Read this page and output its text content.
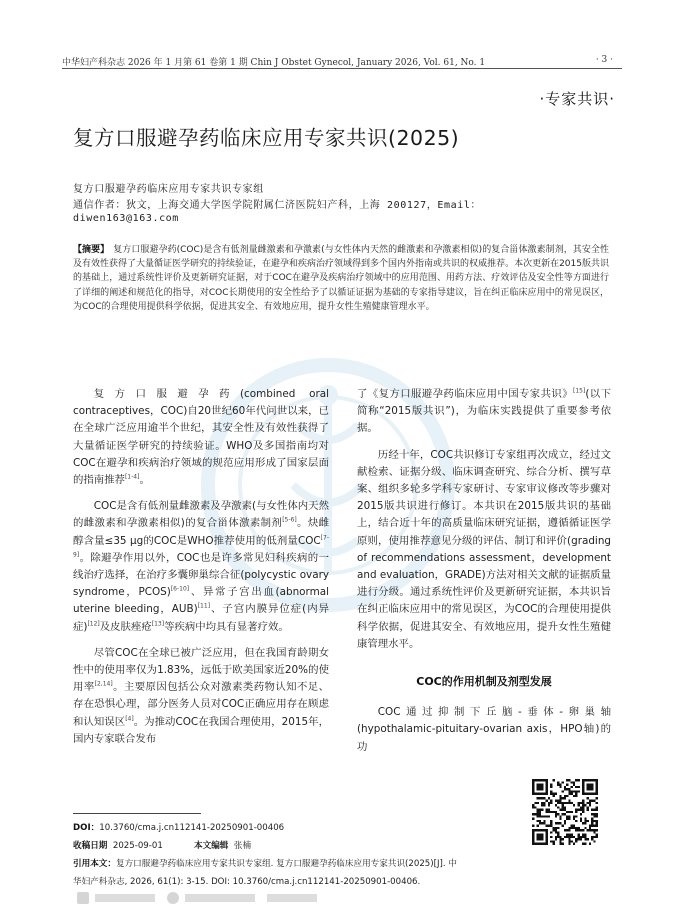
中华妇产科杂志 2026 年 1 月第 61 卷第 1 期 Chin J Obstet Gynecol, January 2026, Vol. 61, No. 1	· 3 ·
·专家共识·
复方口服避孕药临床应用专家共识(2025)
复方口服避孕药临床应用专家共识专家组
通信作者：狄文，上海交通大学医学院附属仁济医院妇产科，上海 200127，Email：
diwen163@163.com
【摘要】 复方口服避孕药(COC)是含有低剂量雌激素和孕激素(与女性体内天然的雌激素和孕激素相似)的复合甾体激素制剂，其安全性及有效性获得了大量循证医学研究的持续验证，在避孕和疾病治疗领域得到多个国内外指南或共识的权威推荐。本次更新在2015版共识的基础上，通过系统性评价及更新研究证据，对于COC在避孕及疾病治疗领域中的应用范围、用药方法、疗效评估及安全性等方面进行了详细的阐述和规范化的指导，对COC长期使用的安全性给予了以循证证据为基础的专家指导建议，旨在纠正临床应用中的常见误区，为COC的合理使用提供科学依据，促进其安全、有效地应用，提升女性生殖健康管理水平。

复方口服避孕药(combined oral contraceptives，COC)自20世纪60年代问世以来，已在全球广泛应用逾半个世纪，其安全性及有效性获得了大量循证医学研究的持续验证。WHO及多国指南均对COC在避孕和疾病治疗领域的规范应用形成了国家层面的指南推荐[1-4]。

COC是含有低剂量雌激素及孕激素(与女性体内天然的雌激素和孕激素相似)的复合甾体激素制剂[5-6]。炔雌醇含量≤35 μg的COC是WHO推荐使用的低剂量COC[7-9]。除避孕作用以外，COC也是许多常见妇科疾病的一线治疗选择，在治疗多囊卵巢综合征(polycystic ovary syndrome，PCOS)[6-10]、异常子宫出血(abnormal uterine bleeding，AUB)[11]、子宫内膜异位症(内异症)[12]及皮肤痤疮[13]等疾病中均具有显著疗效。

尽管COC在全球已被广泛应用，但在我国育龄期女性中的使用率仅为1.83%，远低于欧美国家近20%的使用率[2,14]。主要原因包括公众对激素类药物认知不足、存在恐惧心理，部分医务人员对COC正确应用存在顾虑和认知误区[4]。为推动COC在我国合理使用，2015年，国内专家联合发布

了《复方口服避孕药临床应用中国专家共识》[15](以下简称“2015版共识”)，为临床实践提供了重要参考依据。

历经十年，COC共识修订专家组再次成立，经过文献检索、证据分级、临床调查研究、综合分析、撰写草案、组织多轮多学科专家研讨、专家审议修改等步骤对2015版共识进行修订。本共识在2015版共识的基础上，结合近十年的高质量临床研究证据，遵循循证医学原则，使用推荐意见分级的评估、制订和评价(grading of recommendations assessment，development and evaluation，GRADE)方法对相关文献的证据质量进行分级。通过系统性评价及更新研究证据，本共识旨在纠正临床应用中的常见误区，为COC的合理使用提供科学依据，促进其安全、有效地应用，提升女性生殖健康管理水平。

COC的作用机制及剂型发展

COC通过抑制下丘脑-垂体-卵巢轴(hypothalamic-pituitary-ovarian axis，HPO轴)的功

DOI：10.3760/cma.j.cn112141-20250901-00406
收稿日期 2025-09-01	本文编辑 张楠
引用本文：复方口服避孕药临床应用专家共识专家组. 复方口服避孕药临床应用专家共识(2025)[J]. 中
华妇产科杂志, 2026, 61(1): 3-15. DOI: 10.3760/cma.j.cn112141-20250901-00406.
